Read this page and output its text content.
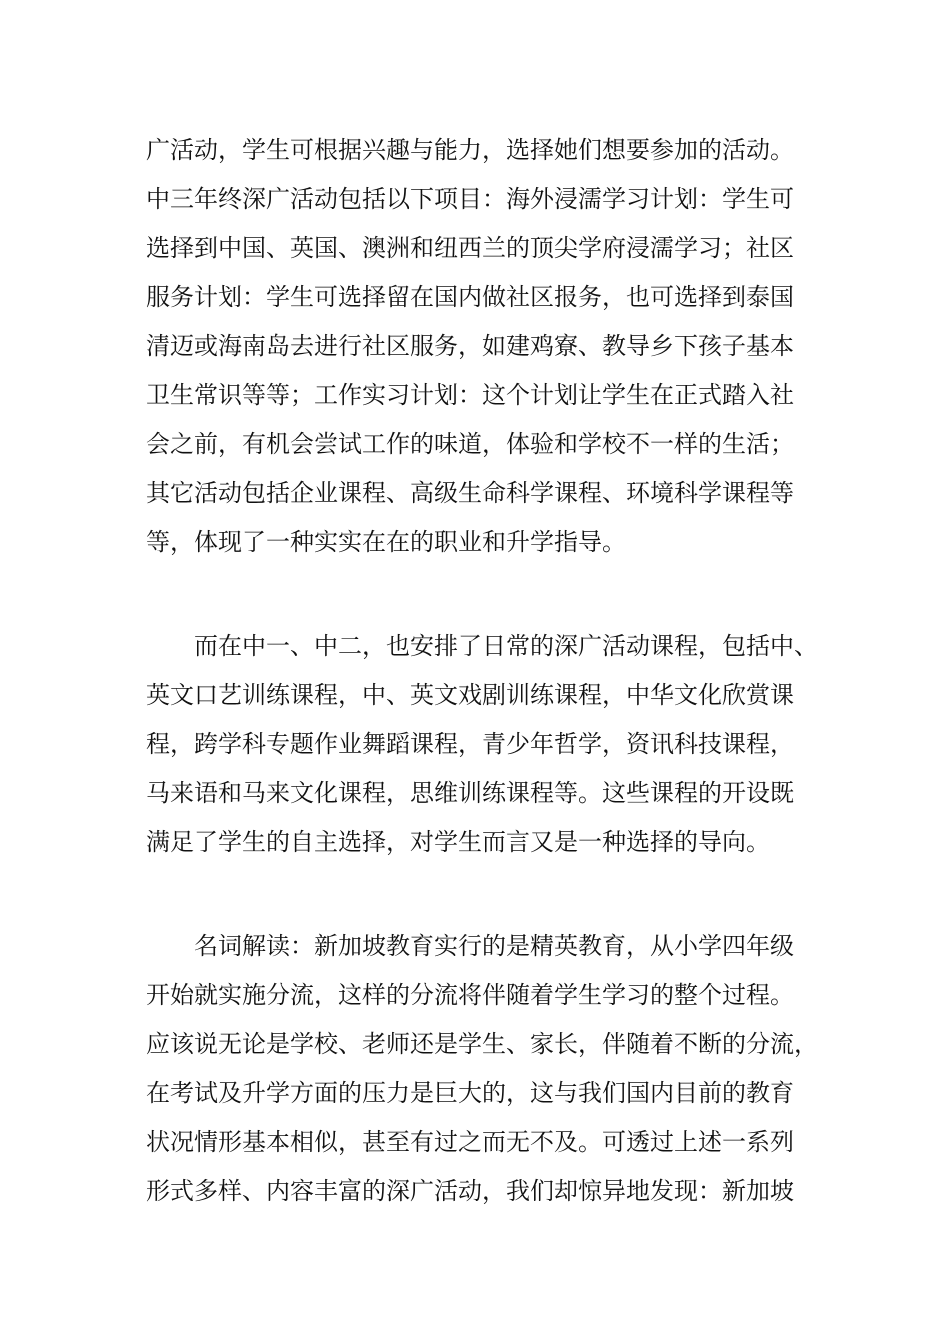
广活动，学生可根据兴趣与能力，选择她们想要参加的活动。
中三年终深广活动包括以下项目：海外浸濡学习计划：学生可
选择到中国、英国、澳洲和纽西兰的顶尖学府浸濡学习；社区
服务计划：学生可选择留在国内做社区报务，也可选择到泰国
清迈或海南岛去进行社区服务，如建鸡寮、教导乡下孩子基本
卫生常识等等；工作实习计划：这个计划让学生在正式踏入社
会之前，有机会尝试工作的味道，体验和学校不一样的生活；
其它活动包括企业课程、高级生命科学课程、环境科学课程等
等，体现了一种实实在在的职业和升学指导。
而在中一、中二，也安排了日常的深广活动课程，包括中、
英文口艺训练课程，中、英文戏剧训练课程，中华文化欣赏课
程，跨学科专题作业舞蹈课程，青少年哲学，资讯科技课程，
马来语和马来文化课程，思维训练课程等。这些课程的开设既
满足了学生的自主选择，对学生而言又是一种选择的导向。
名词解读：新加坡教育实行的是精英教育，从小学四年级
开始就实施分流，这样的分流将伴随着学生学习的整个过程。
应该说无论是学校、老师还是学生、家长，伴随着不断的分流，
在考试及升学方面的压力是巨大的，这与我们国内目前的教育
状况情形基本相似，甚至有过之而无不及。可透过上述一系列
形式多样、内容丰富的深广活动，我们却惊异地发现：新加坡
